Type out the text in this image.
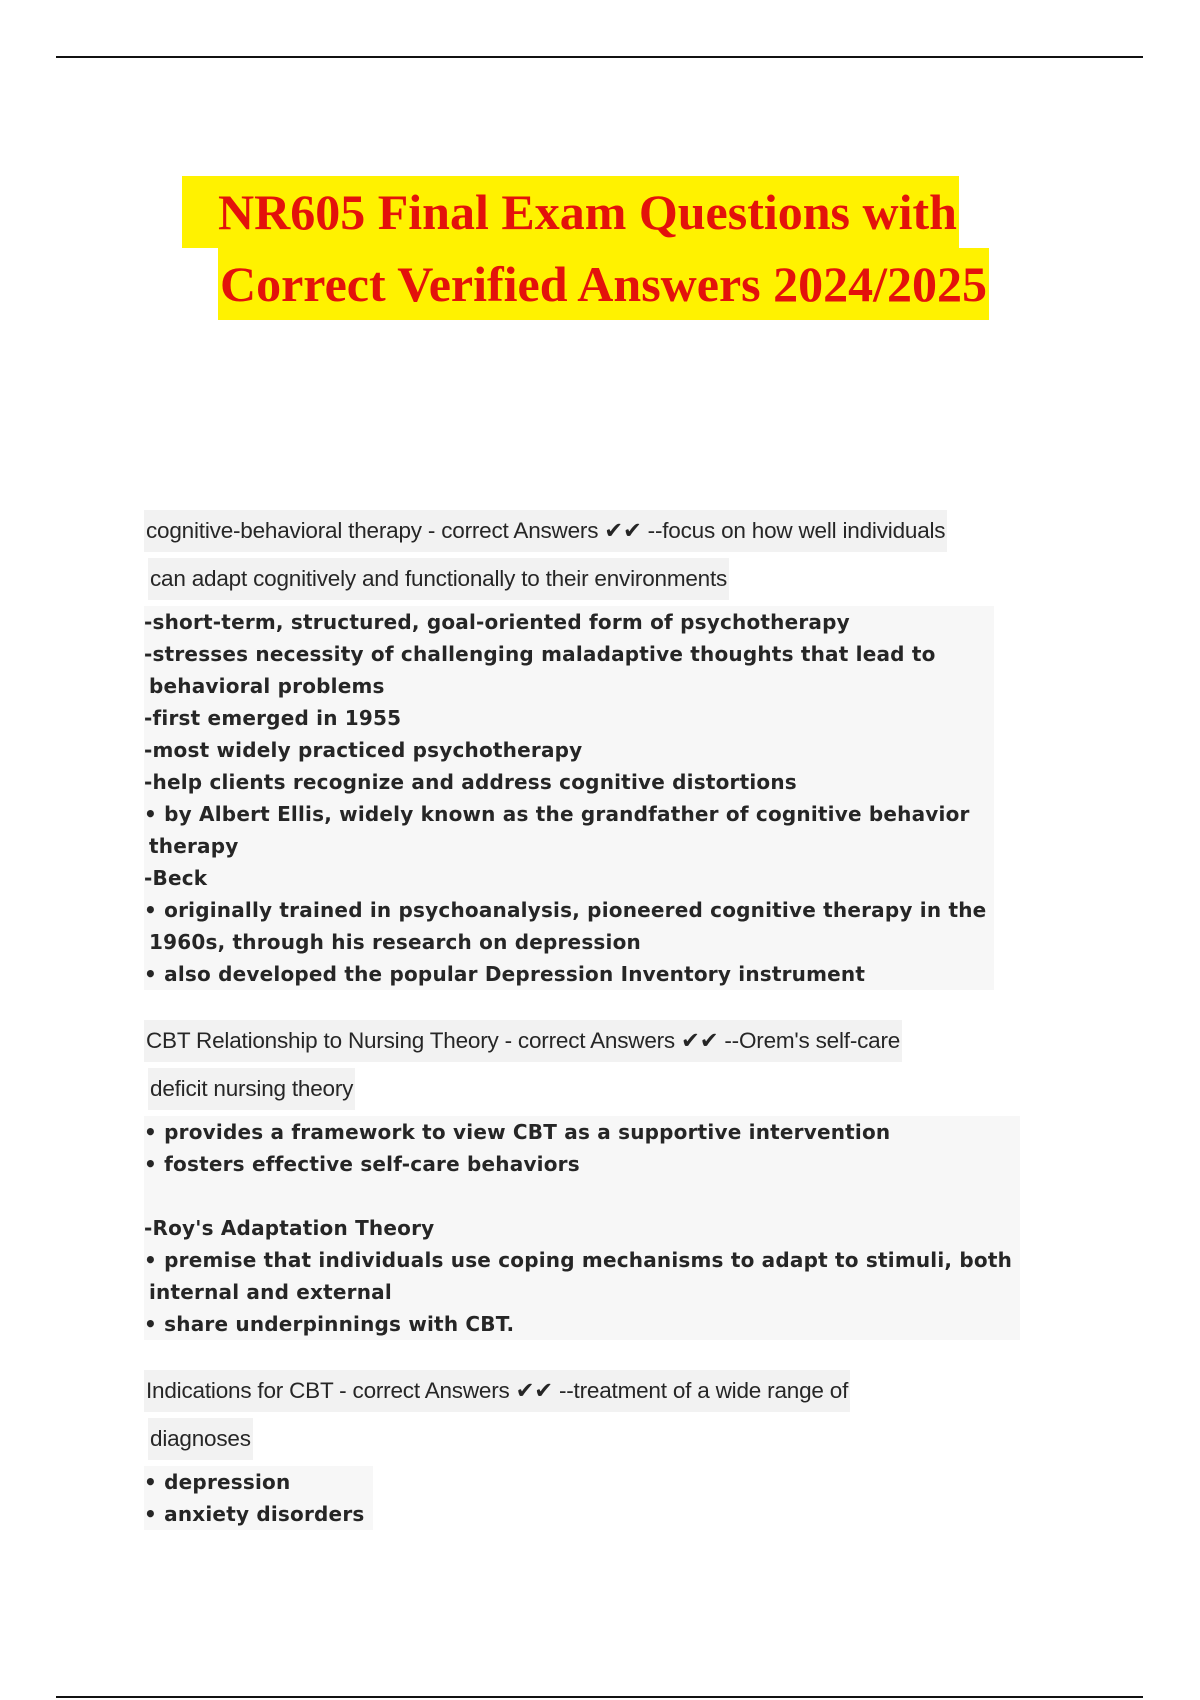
NR605 Final Exam Questions with
Correct Verified Answers 2024/2025
cognitive-behavioral therapy - correct Answers ✔✔ --focus on how well individuals
can adapt cognitively and functionally to their environments
-short-term, structured, goal-oriented form of psychotherapy
-stresses necessity of challenging maladaptive thoughts that lead to
behavioral problems
-first emerged in 1955
-most widely practiced psychotherapy
-help clients recognize and address cognitive distortions
• by Albert Ellis, widely known as the grandfather of cognitive behavior
therapy
-Beck
• originally trained in psychoanalysis, pioneered cognitive therapy in the
1960s, through his research on depression
• also developed the popular Depression Inventory instrument
CBT Relationship to Nursing Theory - correct Answers ✔✔ --Orem's self-care
deficit nursing theory
• provides a framework to view CBT as a supportive intervention
• fosters effective self-care behaviors
-Roy's Adaptation Theory
• premise that individuals use coping mechanisms to adapt to stimuli, both
internal and external
• share underpinnings with CBT.
Indications for CBT - correct Answers ✔✔ --treatment of a wide range of
diagnoses
• depression
• anxiety disorders
